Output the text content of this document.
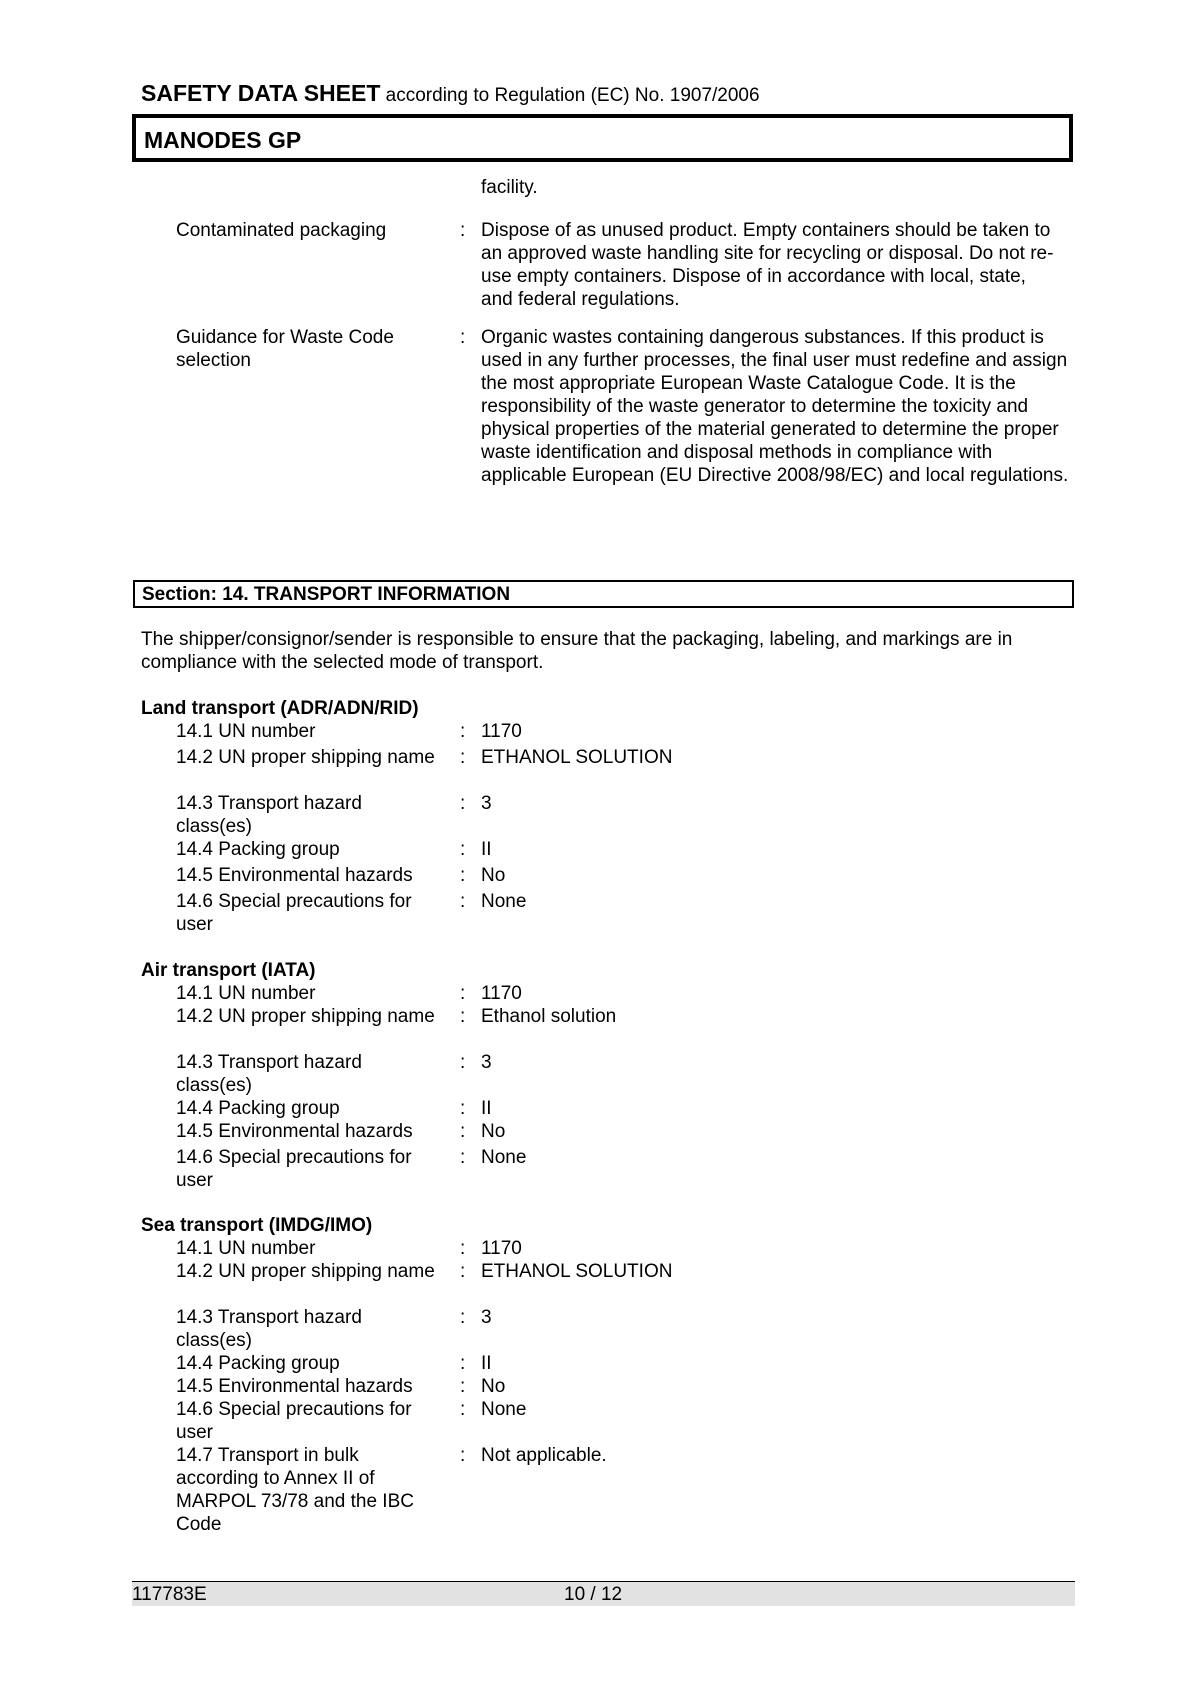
SAFETY DATA SHEET according to Regulation (EC) No. 1907/2006
MANODES GP
facility.
Contaminated packaging	: Dispose of as unused product. Empty containers should be taken to an approved waste handling site for recycling or disposal. Do not re-use empty containers. Dispose of in accordance with local, state, and federal regulations.
Guidance for Waste Code selection
: Organic wastes containing dangerous substances. If this product is used in any further processes, the final user must redefine and assign the most appropriate European Waste Catalogue Code. It is the responsibility of the waste generator to determine the toxicity and physical properties of the material generated to determine the proper waste identification and disposal methods in compliance with applicable European (EU Directive 2008/98/EC) and local regulations.
Section: 14. TRANSPORT INFORMATION
The shipper/consignor/sender is responsible to ensure that the packaging, labeling, and markings are in compliance with the selected mode of transport.
Land transport (ADR/ADN/RID)
14.1 UN number	: 1170
14.2 UN proper shipping name	: ETHANOL SOLUTION
14.3 Transport hazard class(es)
: 3
14.4 Packing group	: II
14.5 Environmental hazards	: No
14.6 Special precautions for user
: None
Air transport (IATA)
14.1 UN number	: 1170
14.2 UN proper shipping name	: Ethanol solution
14.3 Transport hazard class(es)
: 3
14.4 Packing group	: II
14.5 Environmental hazards	: No
14.6 Special precautions for user
: None
Sea transport (IMDG/IMO)
14.1 UN number	: 1170
14.2 UN proper shipping name	: ETHANOL SOLUTION
14.3 Transport hazard class(es)
: 3
14.4 Packing group	: II
14.5 Environmental hazards	: No
14.6 Special precautions for user
: None
14.7 Transport in bulk according to Annex II of MARPOL 73/78 and the IBC Code
: Not applicable.
117783E	10 / 12
